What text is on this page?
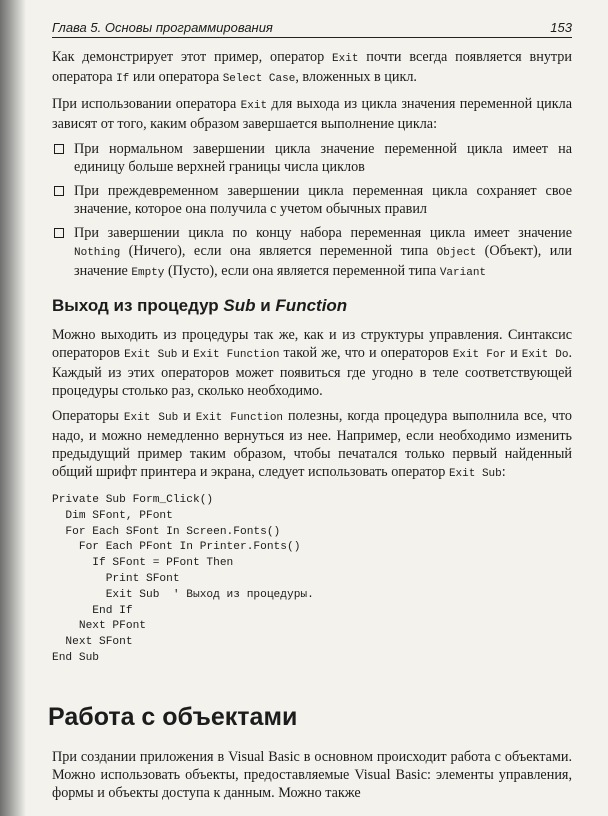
Глава 5. Основы программирования	153

Как демонстрирует этот пример, оператор Exit почти всегда появляется внутри оператора If или оператора Select Case, вложенных в цикл.

При использовании оператора Exit для выхода из цикла значения переменной цикла зависят от того, каким образом завершается выполнение цикла:

При нормальном завершении цикла значение переменной цикла имеет на единицу больше верхней границы числа циклов
При преждевременном завершении цикла переменная цикла сохраняет свое значение, которое она получила с учетом обычных правил
При завершении цикла по концу набора переменная цикла имеет значение Nothing (Ничего), если она является переменной типа Object (Объект), или значение Empty (Пусто), если она является переменной типа Variant
Выход из процедур Sub и Function

Можно выходить из процедуры так же, как и из структуры управления. Синтаксис операторов Exit Sub и Exit Function такой же, что и операторов Exit For и Exit Do. Каждый из этих операторов может появиться где угодно в теле соответствующей процедуры столько раз, сколько необходимо.

Операторы Exit Sub и Exit Function полезны, когда процедура выполнила все, что надо, и можно немедленно вернуться из нее. Например, если необходимо изменить предыдущий пример таким образом, чтобы печатался только первый найденный общий шрифт принтера и экрана, следует использовать оператор Exit Sub:

Private Sub Form_Click()
Dim SFont, PFont
For Each SFont In Screen.Fonts()
For Each PFont In Printer.Fonts()
If SFont = PFont Then
Print SFont
Exit Sub  ' Выход из процедуры.
End If
Next PFont
Next SFont
End Sub
Работа с объектами

При создании приложения в Visual Basic в основном происходит работа с объектами. Можно использовать объекты, предоставляемые Visual Basic: элементы управления, формы и объекты доступа к данным. Можно также
